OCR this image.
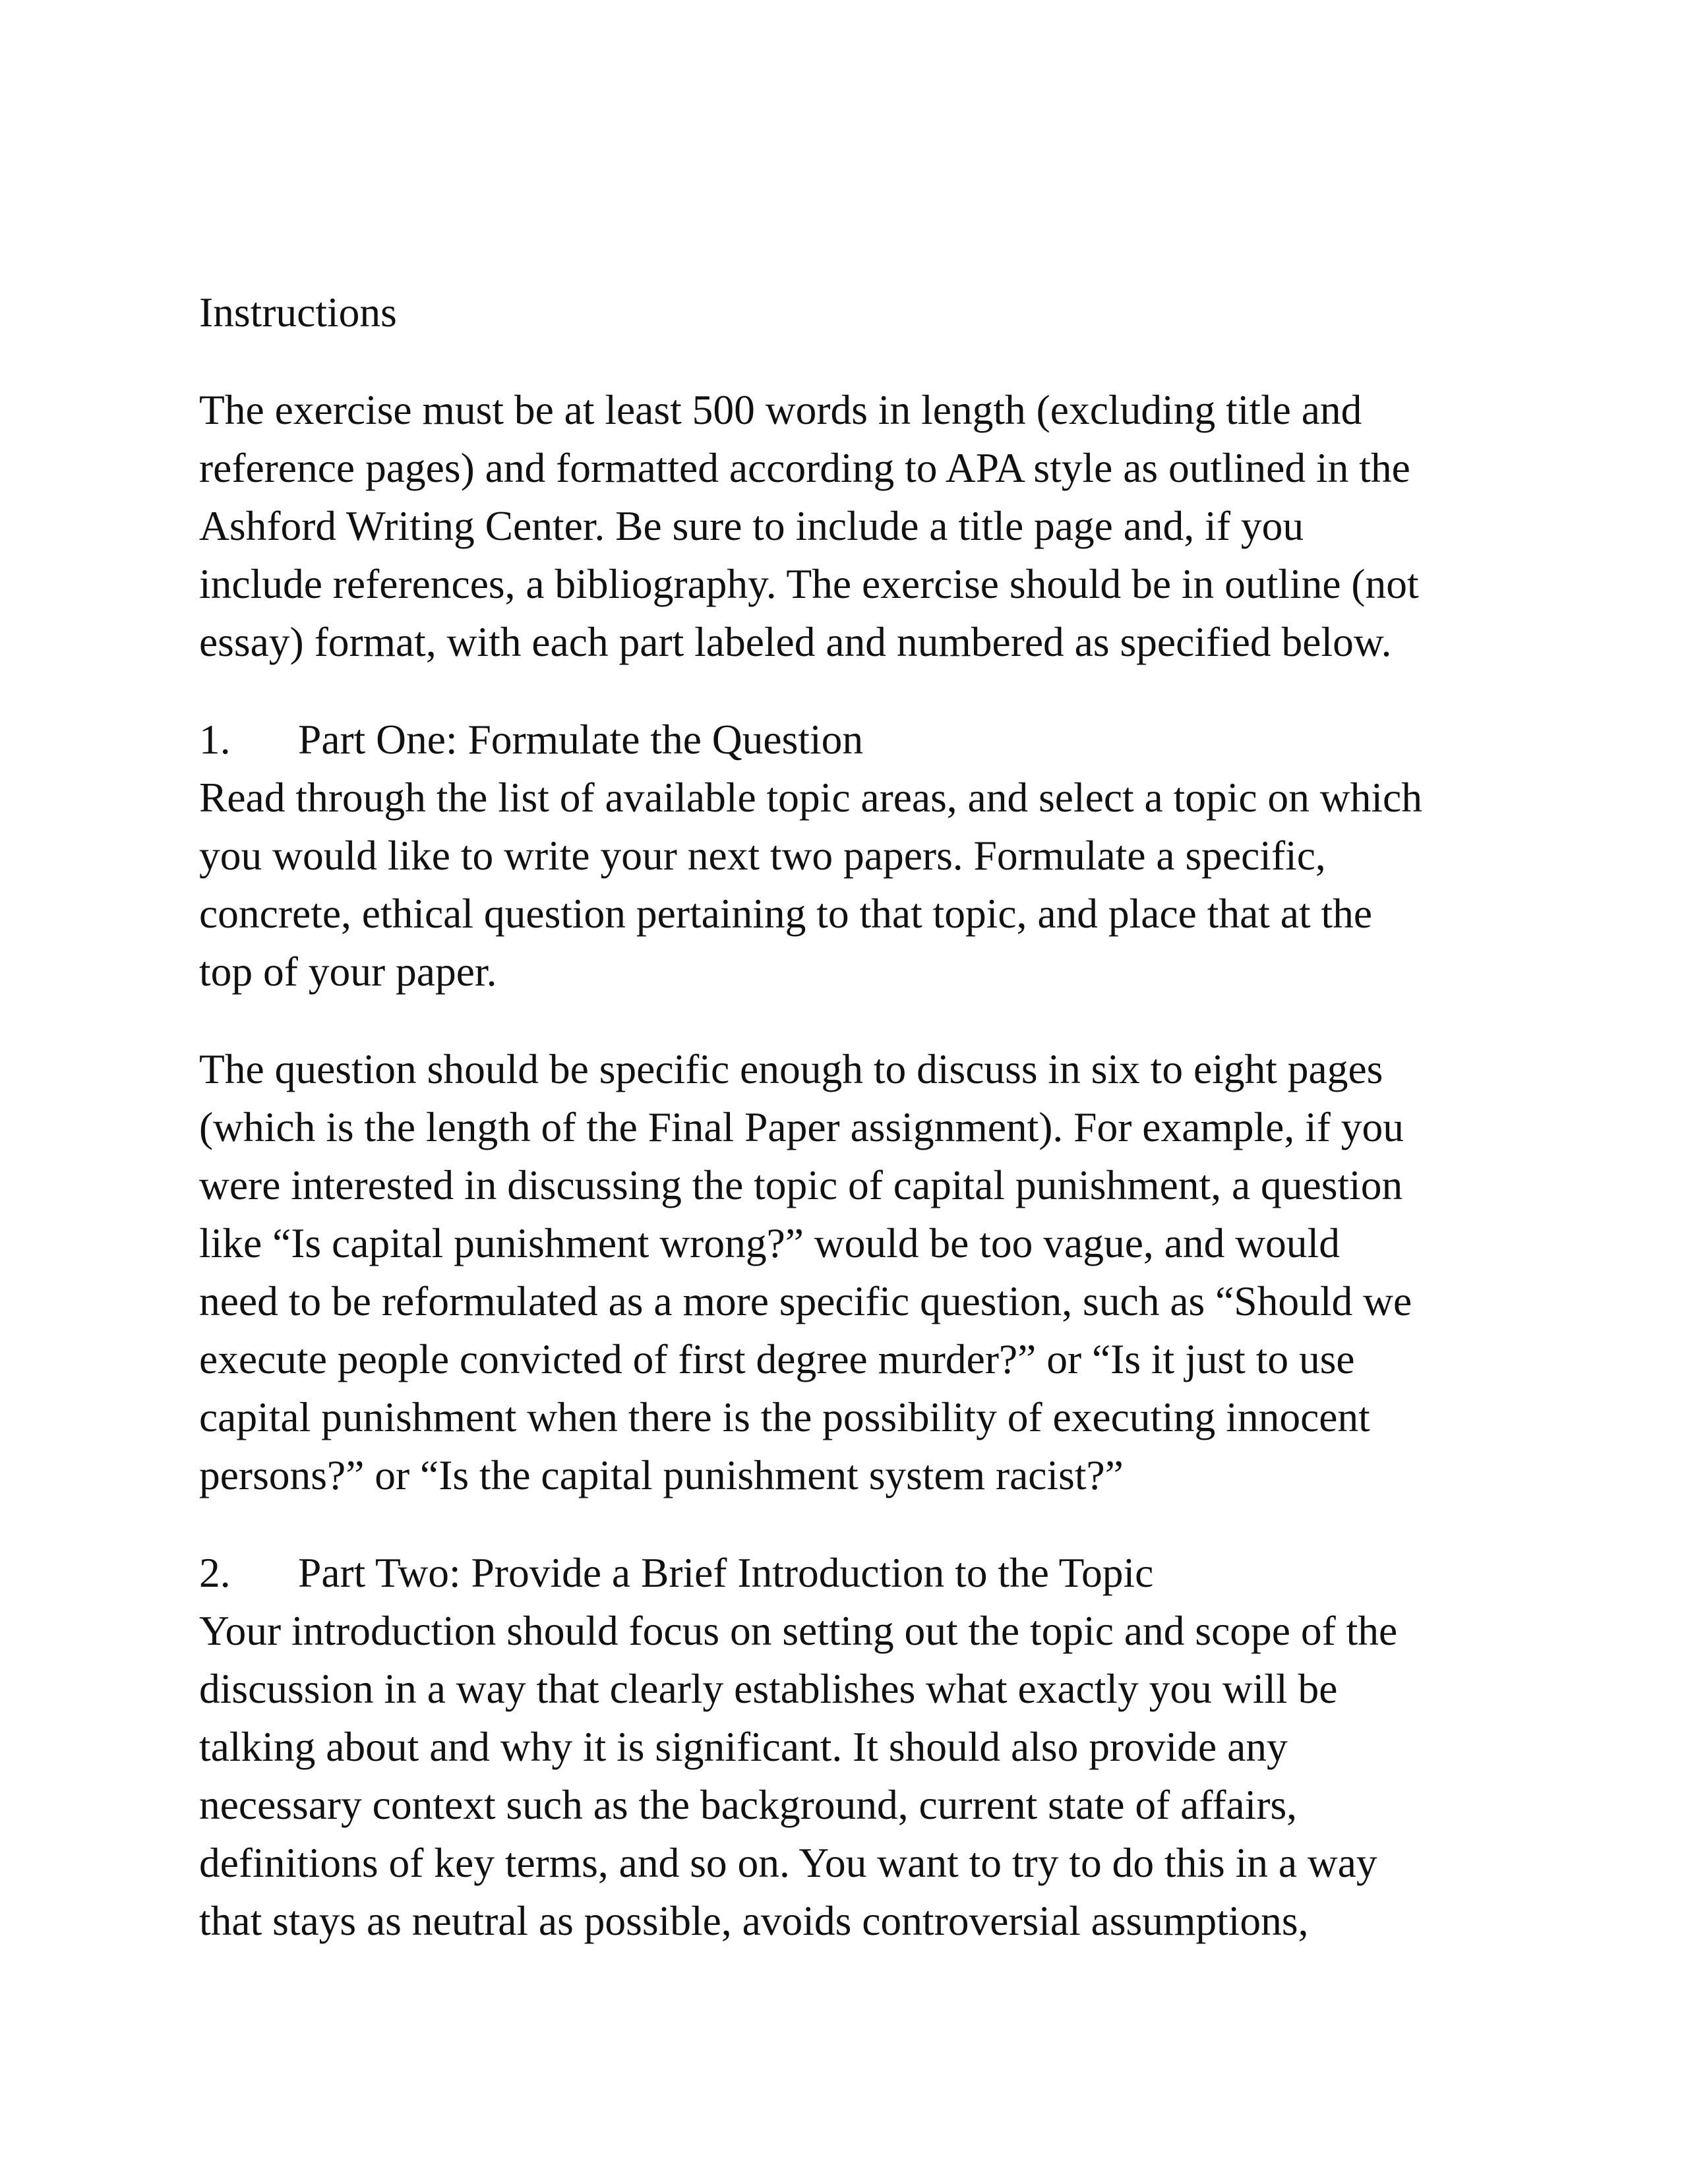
Instructions
The exercise must be at least 500 words in length (excluding title and
reference pages) and formatted according to APA style as outlined in the
Ashford Writing Center. Be sure to include a title page and, if you
include references, a bibliography. The exercise should be in outline (not
essay) format, with each part labeled and numbered as specified below.
1. Part One: Formulate the Question
Read through the list of available topic areas, and select a topic on which
you would like to write your next two papers. Formulate a specific,
concrete, ethical question pertaining to that topic, and place that at the
top of your paper.
The question should be specific enough to discuss in six to eight pages
(which is the length of the Final Paper assignment). For example, if you
were interested in discussing the topic of capital punishment, a question
like “Is capital punishment wrong?” would be too vague, and would
need to be reformulated as a more specific question, such as “Should we
execute people convicted of first degree murder?” or “Is it just to use
capital punishment when there is the possibility of executing innocent
persons?” or “Is the capital punishment system racist?”
2. Part Two: Provide a Brief Introduction to the Topic
Your introduction should focus on setting out the topic and scope of the
discussion in a way that clearly establishes what exactly you will be
talking about and why it is significant. It should also provide any
necessary context such as the background, current state of affairs,
definitions of key terms, and so on. You want to try to do this in a way
that stays as neutral as possible, avoids controversial assumptions,
